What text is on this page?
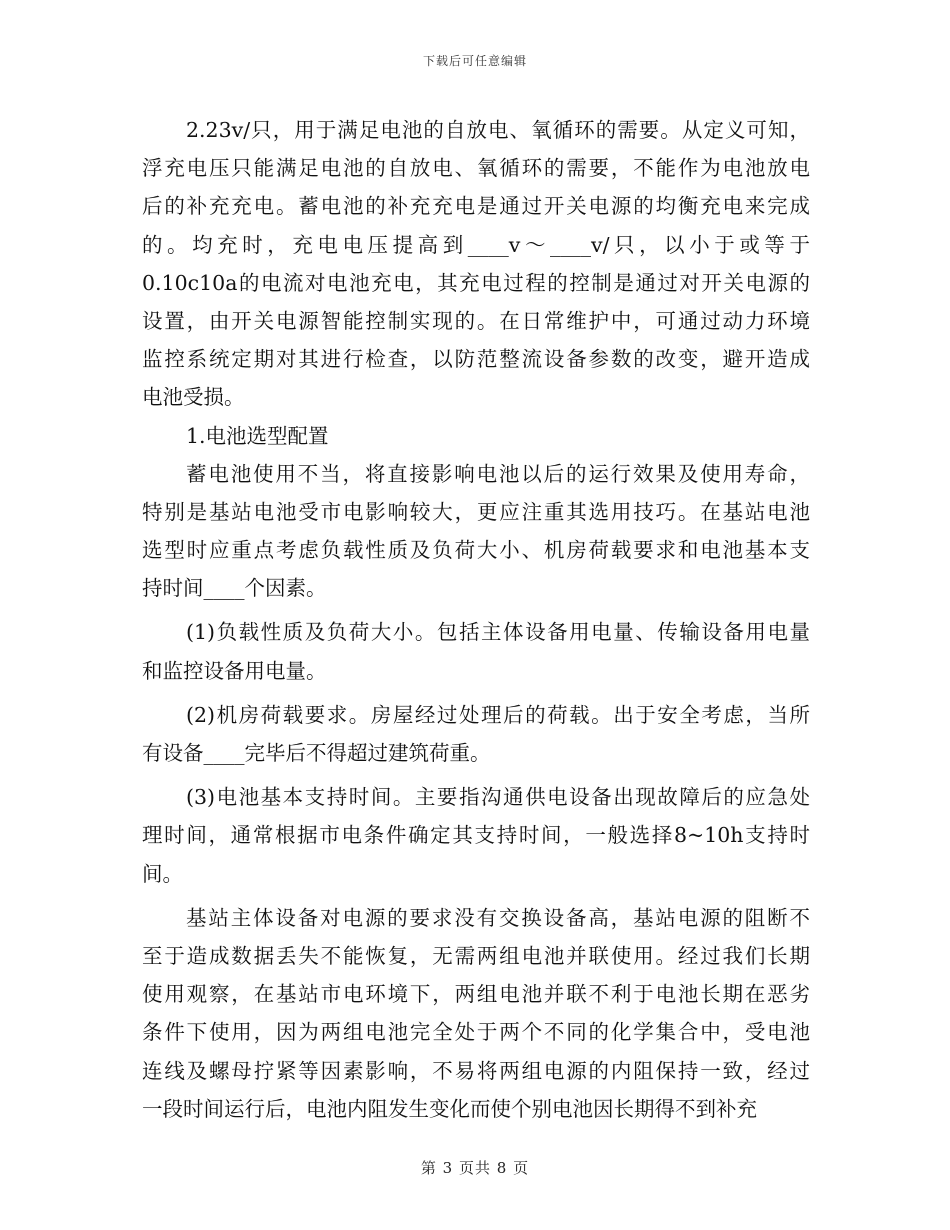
下载后可任意编辑
2.23v/只，用于满足电池的自放电、氧循环的需要。从定义可知，
浮充电压只能满足电池的自放电、氧循环的需要，不能作为电池放电
后的补充充电。蓄电池的补充充电是通过开关电源的均衡充电来完成
的。均充时，充电电压提高到____v～____v/只，以小于或等于
0.10c10a的电流对电池充电，其充电过程的控制是通过对开关电源的
设置，由开关电源智能控制实现的。在日常维护中，可通过动力环境
监控系统定期对其进行检查，以防范整流设备参数的改变，避开造成
电池受损。
1.电池选型配置
蓄电池使用不当，将直接影响电池以后的运行效果及使用寿命，
特别是基站电池受市电影响较大，更应注重其选用技巧。在基站电池
选型时应重点考虑负载性质及负荷大小、机房荷载要求和电池基本支
持时间____个因素。
(1)负载性质及负荷大小。包括主体设备用电量、传输设备用电量
和监控设备用电量。
(2)机房荷载要求。房屋经过处理后的荷载。出于安全考虑，当所
有设备____完毕后不得超过建筑荷重。
(3)电池基本支持时间。主要指沟通供电设备出现故障后的应急处
理时间，通常根据市电条件确定其支持时间，一般选择8~10h支持时
间。
基站主体设备对电源的要求没有交换设备高，基站电源的阻断不
至于造成数据丢失不能恢复，无需两组电池并联使用。经过我们长期
使用观察，在基站市电环境下，两组电池并联不利于电池长期在恶劣
条件下使用，因为两组电池完全处于两个不同的化学集合中，受电池
连线及螺母拧紧等因素影响，不易将两组电源的内阻保持一致，经过
一段时间运行后，电池内阻发生变化而使个别电池因长期得不到补充
第 3 页共 8 页
